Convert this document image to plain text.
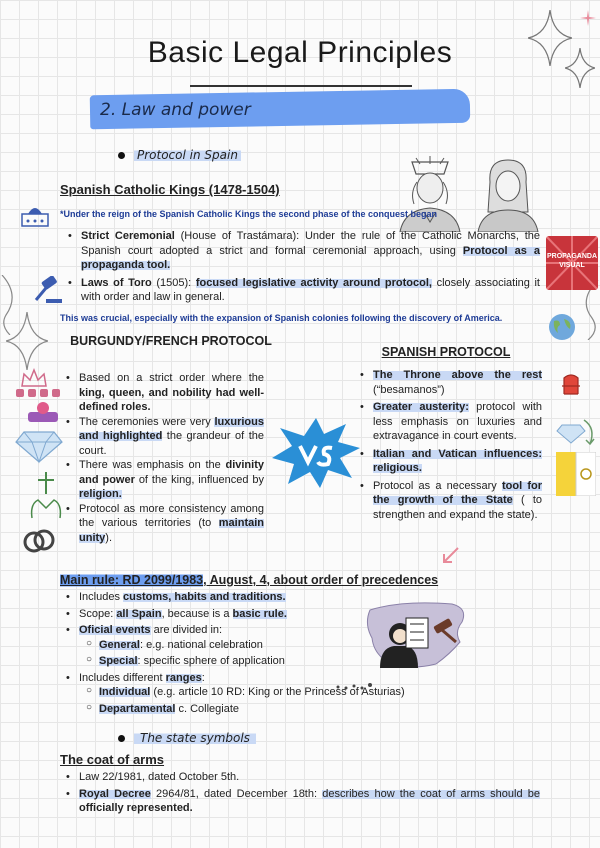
Basic Legal Principles
2. Law and power
Protocol in Spain
Spanish Catholic Kings (1478-1504)
*Under the reign of the Spanish Catholic Kings the second phase of the conquest began
• Strict Ceremonial (House of Trastámara): Under the rule of the Catholic Monarchs, the Spanish court adopted a strict and formal ceremonial approach, using Protocol as a propaganda tool.
• Laws of Toro (1505): focused legislative activity around protocol, closely associating it with order and law in general.
PROPAGANDA
VISUAL
This was crucial, especially with the expansion of Spanish colonies following the discovery of America.
BURGUNDY/FRENCH PROTOCOL
SPANISH PROTOCOL
• Based on a strict order where the king, queen, and nobility had well-defined roles.
• The ceremonies were very luxurious and highlighted the grandeur of the court.
• There was emphasis on the divinity and power of the king, influenced by religion.
• Protocol as more consistency among the various territories (to maintain unity).
• The Throne above the rest (“besamanos”)
• Greater austerity: protocol with less emphasis on luxuries and extravagance in court events.
• Italian and Vatican influences: religious.
• Protocol as a necessary tool for the growth of the State ( to strengthen and expand the state).
Main rule: RD 2099/1983, August, 4, about order of precedences
• Includes customs, habits and traditions.
• Scope: all Spain, because is a basic rule.
• Oficial events are divided in:
○ General: e.g. national celebration
○ Special: specific sphere of application
• Includes different ranges:
○ Individual (e.g. article 10 RD: King or the Princess of Asturias)
○ Departamental c. Collegiate
The state symbols
The coat of arms
• Law 22/1981, dated October 5th.
• Royal Decree 2964/81, dated December 18th: describes how the coat of arms should be officially represented.
